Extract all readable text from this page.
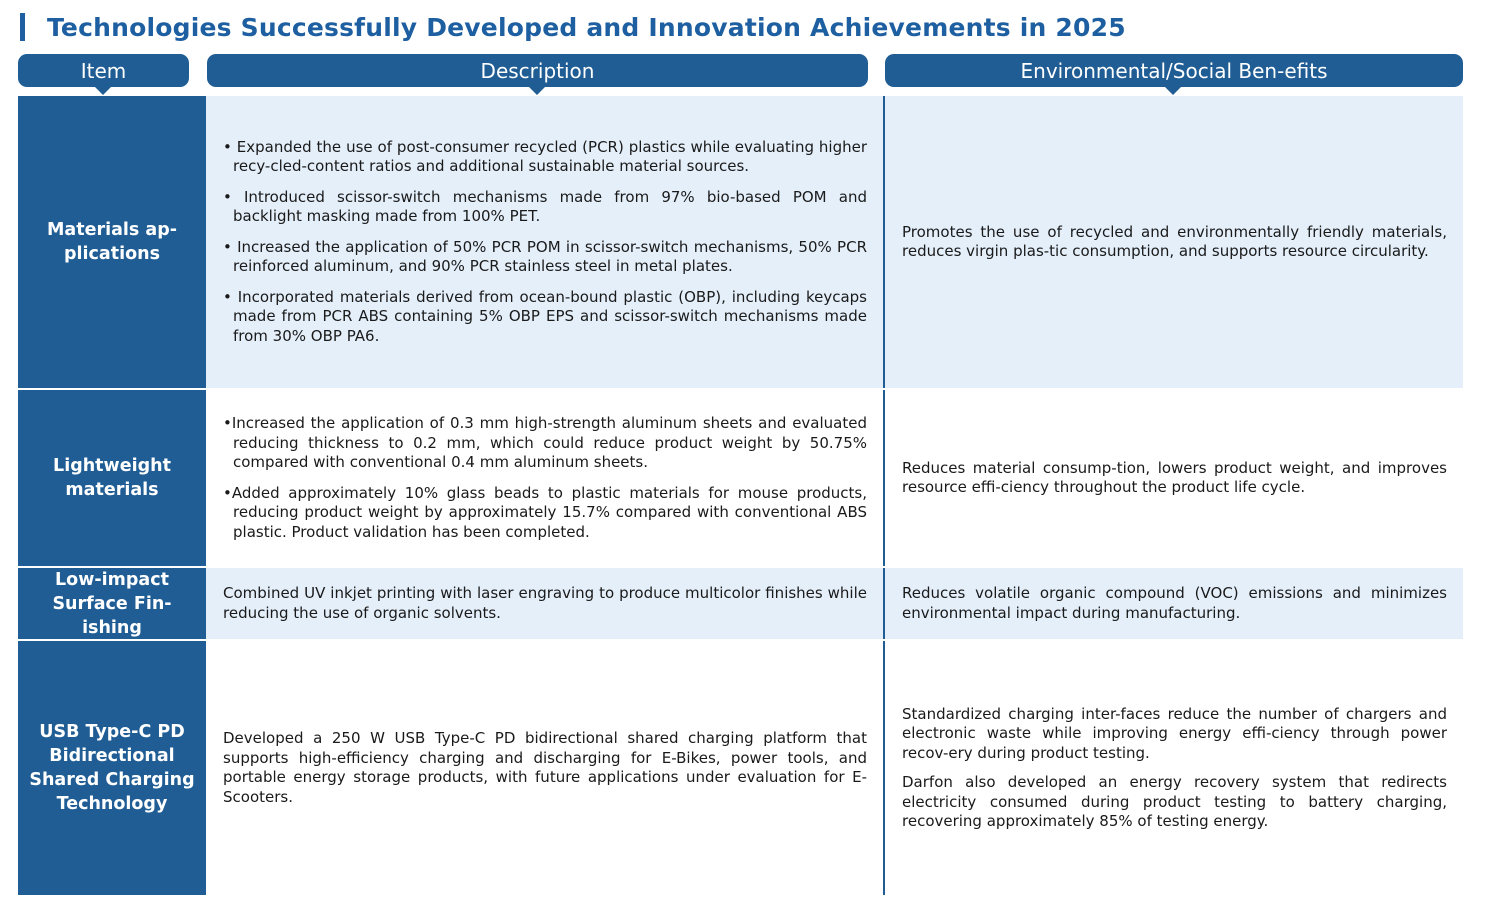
Technologies Successfully Developed and Innovation Achievements in 2025
Item	Description	Environmental/Social Ben-efits
Materials ap-plications
• Expanded the use of post-consumer recycled (PCR) plastics while evaluating higher recy-cled-content ratios and additional sustainable material sources.
• Introduced scissor-switch mechanisms made from 97% bio-based POM and backlight masking made from 100% PET.
• Increased the application of 50% PCR POM in scissor-switch mechanisms, 50% PCR reinforced aluminum, and 90% PCR stainless steel in metal plates.
• Incorporated materials derived from ocean-bound plastic (OBP), including keycaps made from PCR ABS containing 5% OBP EPS and scissor-switch mechanisms made from 30% OBP PA6.
Promotes the use of recycled and environmentally friendly materials, reduces virgin plas-tic consumption, and supports resource circularity.
Lightweight materials
•Increased the application of 0.3 mm high-strength aluminum sheets and evaluated reducing thickness to 0.2 mm, which could reduce product weight by 50.75% compared with conventional 0.4 mm aluminum sheets.
•Added approximately 10% glass beads to plastic materials for mouse products, reducing product weight by approximately 15.7% compared with conventional ABS plastic. Product validation has been completed.
Reduces material consump-tion, lowers product weight, and improves resource effi-ciency throughout the product life cycle.
Low-impact Surface Fin-ishing
Combined UV inkjet printing with laser engraving to produce multicolor finishes while reducing the use of organic solvents.
Reduces volatile organic compound (VOC) emissions and minimizes environmental impact during manufacturing.
USB Type-C PD Bidirectional Shared Charging Technology
Developed a 250 W USB Type-C PD bidirectional shared charging platform that supports high-efficiency charging and discharging for E-Bikes, power tools, and portable energy storage products, with future applications under evaluation for E-Scooters.
Standardized charging inter-faces reduce the number of chargers and electronic waste while improving energy effi-ciency through power recov-ery during product testing.
Darfon also developed an energy recovery system that redirects electricity consumed during product testing to battery charging, recovering approximately 85% of testing energy.
